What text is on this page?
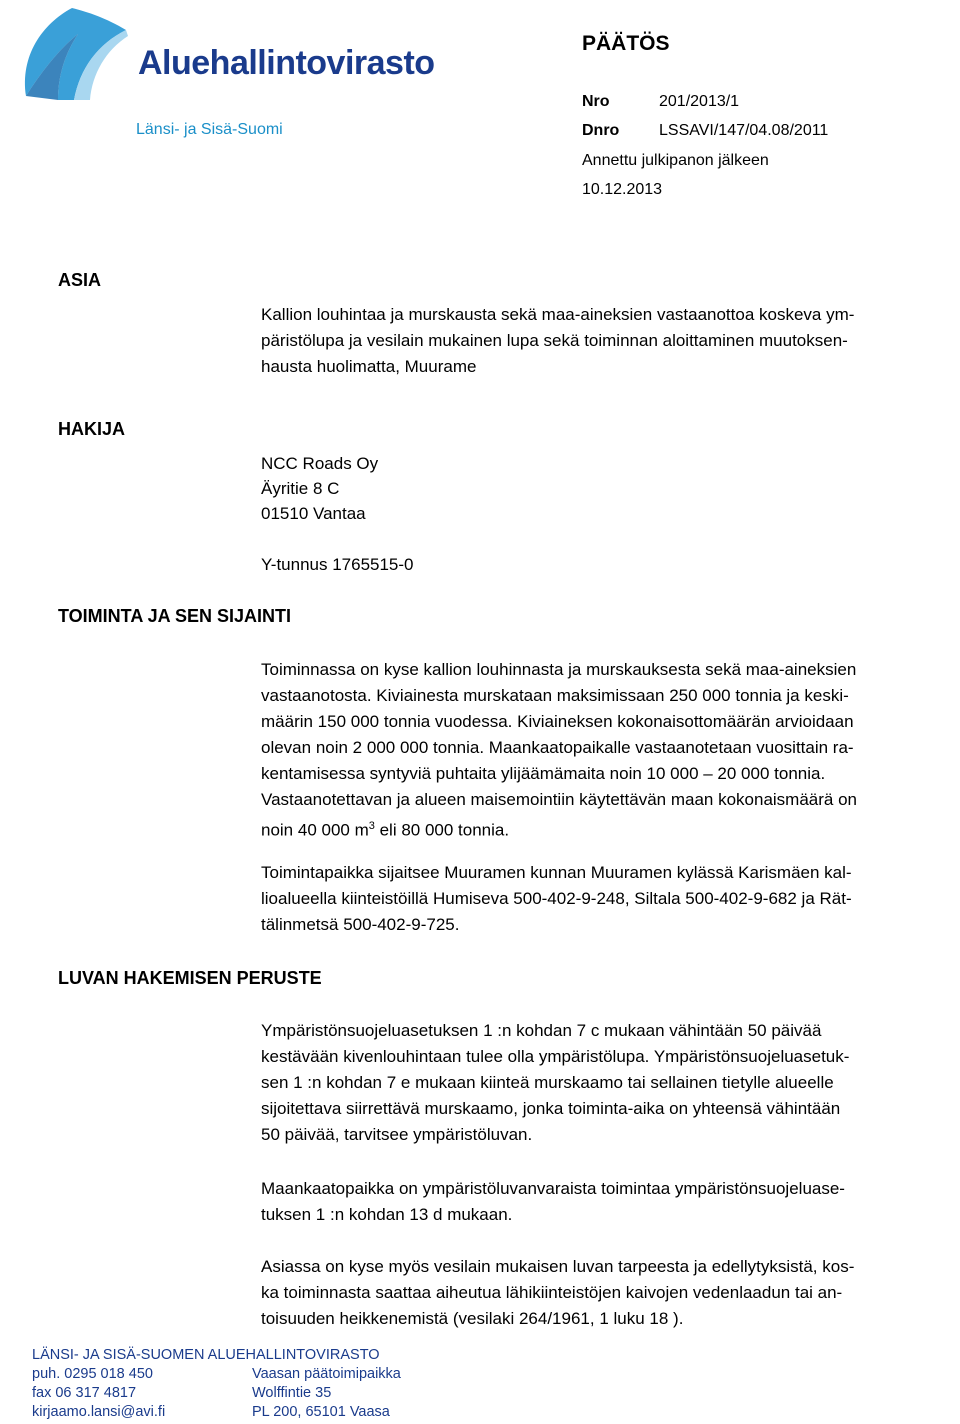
Aluehallintovirasto
Länsi- ja Sisä-Suomi
PÄÄTÖS
Nro	201/2013/1
Dnro LSSAVI/147/04.08/2011
Annettu julkipanon jälkeen
10.12.2013
ASIA
Kallion louhintaa ja murskausta sekä maa-aineksien vastaanottoa koskeva ym-
päristölupa ja vesilain mukainen lupa sekä toiminnan aloittaminen muutoksen-
hausta huolimatta, Muurame
HAKIJA
NCC Roads Oy
Äyritie 8 C
01510 Vantaa
Y-tunnus 1765515-0
TOIMINTA JA SEN SIJAINTI
Toiminnassa on kyse kallion louhinnasta ja murskauksesta sekä maa-aineksien
vastaanotosta. Kiviainesta murskataan maksimissaan 250 000 tonnia ja keski-
määrin 150 000 tonnia vuodessa. Kiviaineksen kokonaisottomäärän arvioidaan
olevan noin 2 000 000 tonnia. Maankaatopaikalle vastaanotetaan vuosittain ra-
kentamisessa syntyviä puhtaita ylijäämämaita noin 10 000 – 20 000 tonnia.
Vastaanotettavan ja alueen maisemointiin käytettävän maan kokonaismäärä on
noin 40 000 $m^3$ eli 80 000 tonnia.
Toimintapaikka sijaitsee Muuramen kunnan Muuramen kylässä Karismäen kal-
lioalueella kiinteistöillä Humiseva 500-402-9-248, Siltala 500-402-9-682 ja Rät-
tälinmetsä 500-402-9-725.
LUVAN HAKEMISEN PERUSTE
Ympäristönsuojeluasetuksen 1 :n kohdan 7 c mukaan vähintään 50 päivää
kestävään kivenlouhintaan tulee olla ympäristölupa. Ympäristönsuojeluasetuk-
sen 1 :n kohdan 7 e mukaan kiinteä murskaamo tai sellainen tietylle alueelle
sijoitettava siirrettävä murskaamo, jonka toiminta-aika on yhteensä vähintään
50 päivää, tarvitsee ympäristöluvan.
Maankaatopaikka on ympäristöluvanvaraista toimintaa ympäristönsuojeluase-
tuksen 1 :n kohdan 13 d mukaan.
Asiassa on kyse myös vesilain mukaisen luvan tarpeesta ja edellytyksistä, kos-
ka toiminnasta saattaa aiheutua lähikiinteistöjen kaivojen vedenlaadun tai an-
toisuuden heikkenemistä (vesilaki 264/1961, 1 luku 18 ).
LÄNSI- JA SISÄ-SUOMEN ALUEHALLINTOVIRASTO
puh. 0295 018 450
fax 06 317 4817
kirjaamo.lansi@avi.fi
Vaasan päätoimipaikka
Wolffintie 35
PL 200, 65101 Vaasa
